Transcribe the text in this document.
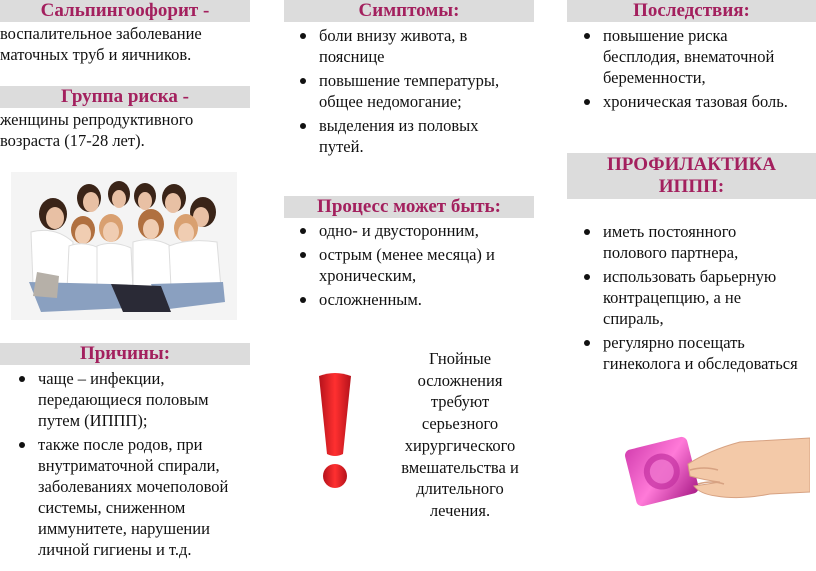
Сальпингоофорит -
воспалительное заболевание
маточных труб и яичников.
Группа риска -
женщины репродуктивного
возраста (17-28 лет).
Причины:
чаще – инфекции,
передающиеся половым
путем (ИППП);
также после родов, при
внутриматочной спирали,
заболеваниях мочеполовой
системы, сниженном
иммунитете, нарушении
личной гигиены и т.д.
Симптомы:
боли внизу живота, в
пояснице
повышение температуры,
общее недомогание;
выделения из половых
путей.
Процесс может быть:
одно- и двусторонним,
острым (менее месяца) и
хроническим,
осложненным.
Гнойные
осложнения
требуют
серьезного
хирургического
вмешательства и
длительного
лечения.
Последствия:
повышение риска
бесплодия, внематочной
беременности,
хроническая тазовая боль.
ПРОФИЛАКТИКА
ИППП:
иметь постоянного
полового партнера,
использовать барьерную
контрацепцию, а не
спираль,
регулярно посещать
гинеколога и обследоваться
